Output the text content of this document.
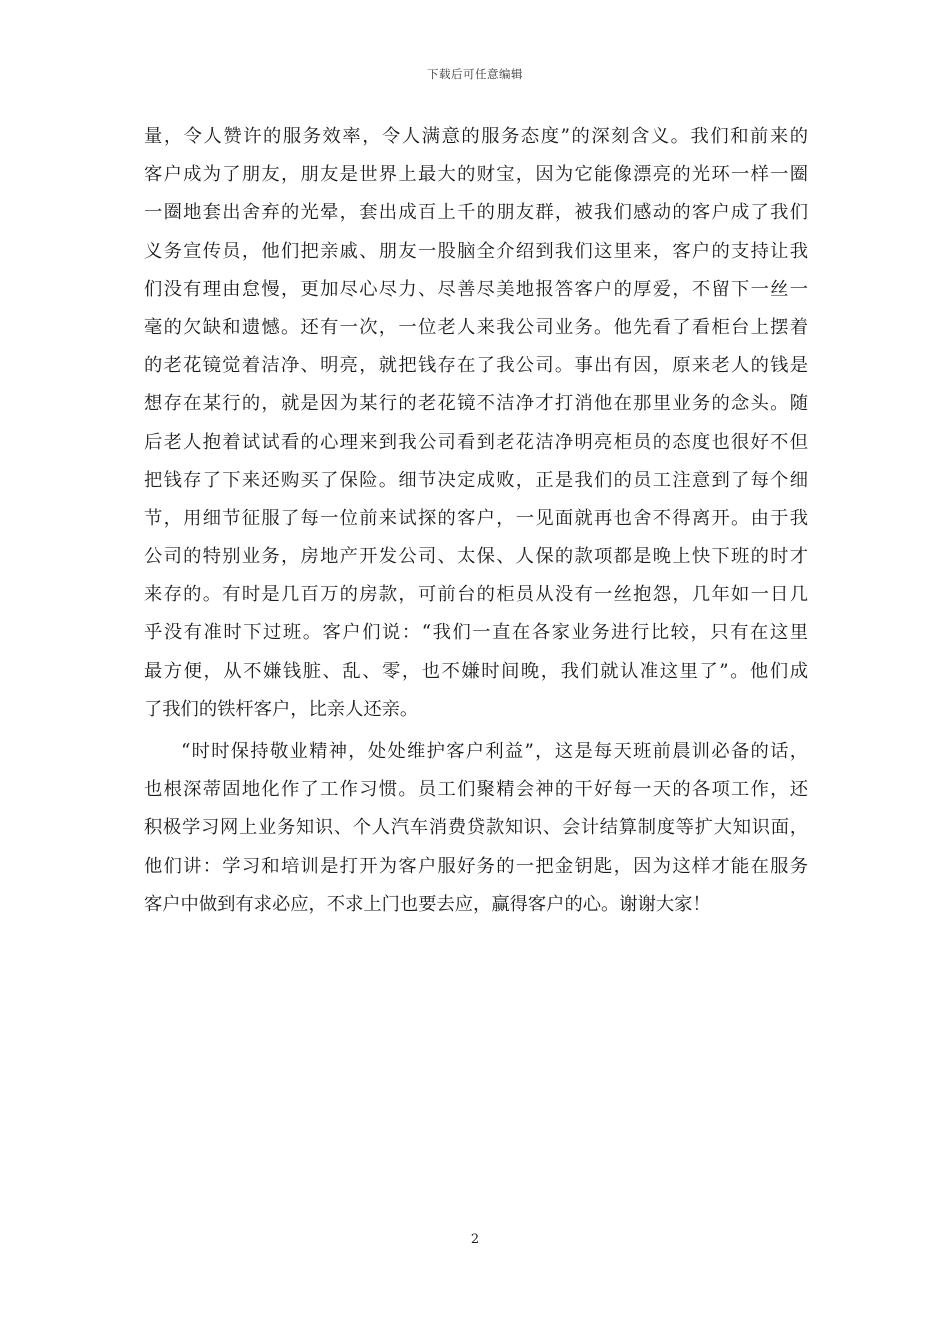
下载后可任意编辑
量，令人赞许的服务效率，令人满意的服务态度”的深刻含义。我们和前来的
客户成为了朋友，朋友是世界上最大的财宝，因为它能像漂亮的光环一样一圈
一圈地套出舍弃的光晕，套出成百上千的朋友群，被我们感动的客户成了我们
义务宣传员，他们把亲戚、朋友一股脑全介绍到我们这里来，客户的支持让我
们没有理由怠慢，更加尽心尽力、尽善尽美地报答客户的厚爱，不留下一丝一
毫的欠缺和遗憾。还有一次，一位老人来我公司业务。他先看了看柜台上摆着
的老花镜觉着洁净、明亮，就把钱存在了我公司。事出有因，原来老人的钱是
想存在某行的，就是因为某行的老花镜不洁净才打消他在那里业务的念头。随
后老人抱着试试看的心理来到我公司看到老花洁净明亮柜员的态度也很好不但
把钱存了下来还购买了保险。细节决定成败，正是我们的员工注意到了每个细
节，用细节征服了每一位前来试探的客户，一见面就再也舍不得离开。由于我
公司的特别业务，房地产开发公司、太保、人保的款项都是晚上快下班的时才
来存的。有时是几百万的房款，可前台的柜员从没有一丝抱怨，几年如一日几
乎没有准时下过班。客户们说：“我们一直在各家业务进行比较，只有在这里
最方便，从不嫌钱脏、乱、零，也不嫌时间晚，我们就认准这里了”。他们成
了我们的铁杆客户，比亲人还亲。
“时时保持敬业精神，处处维护客户利益”，这是每天班前晨训必备的话，
也根深蒂固地化作了工作习惯。员工们聚精会神的干好每一天的各项工作，还
积极学习网上业务知识、个人汽车消费贷款知识、会计结算制度等扩大知识面，
他们讲：学习和培训是打开为客户服好务的一把金钥匙，因为这样才能在服务
客户中做到有求必应，不求上门也要去应，赢得客户的心。谢谢大家！
2
